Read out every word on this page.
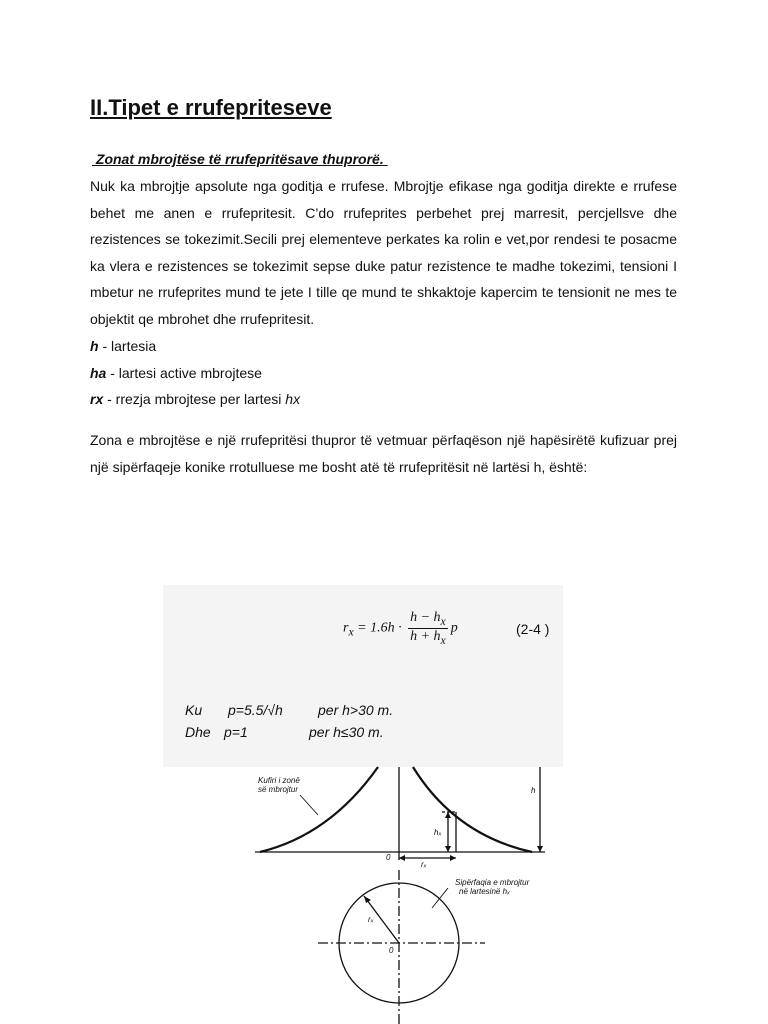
II.Tipet e rrufepriteseve
Zonat mbrojtëse të rrufepritësave thuprorë.

Nuk ka mbrojtje apsolute nga goditja e rrufese. Mbrojtje efikase nga goditja direkte e rrufese behet me anen e rrufepritesit. C’do rrufeprites perbehet prej marresit, percjellsve dhe rezistences se tokezimit.Secili prej elementeve perkates ka rolin e vet,por rendesi te posacme ka vlera e rezistences se tokezimit sepse duke patur rezistence te madhe tokezimi, tensioni I mbetur ne rrufeprites mund te jete I tille qe mund te shkaktoje kapercim te tensionit ne mes te objektit qe mbrohet dhe rrufepritesit.

h - lartesia
ha - lartesi active mbrojtese
rx - rrezja mbrojtese per lartesi hx

Zona e mbrojtëse e një rrufepritësi thupror të vetmuar përfaqëson një hapësirëtë kufizuar prej një sipërfaqeje konike rrotulluese me bosht atë të rrufepritësit në lartësi h, është:

$r_x = 1.6h \cdot \frac{h - h_x}{h + h_x}$ p	(2-4 )
Ku p=5.5/√h	per h>30 m.
Dhe p=1	per h≤30 m.
Kufiri i zonë
së mbrojtur	h
hₓ
0
rₓ
Sipërfaqia e mbrojtur
në lartesinë hₓ
rₓ
0
